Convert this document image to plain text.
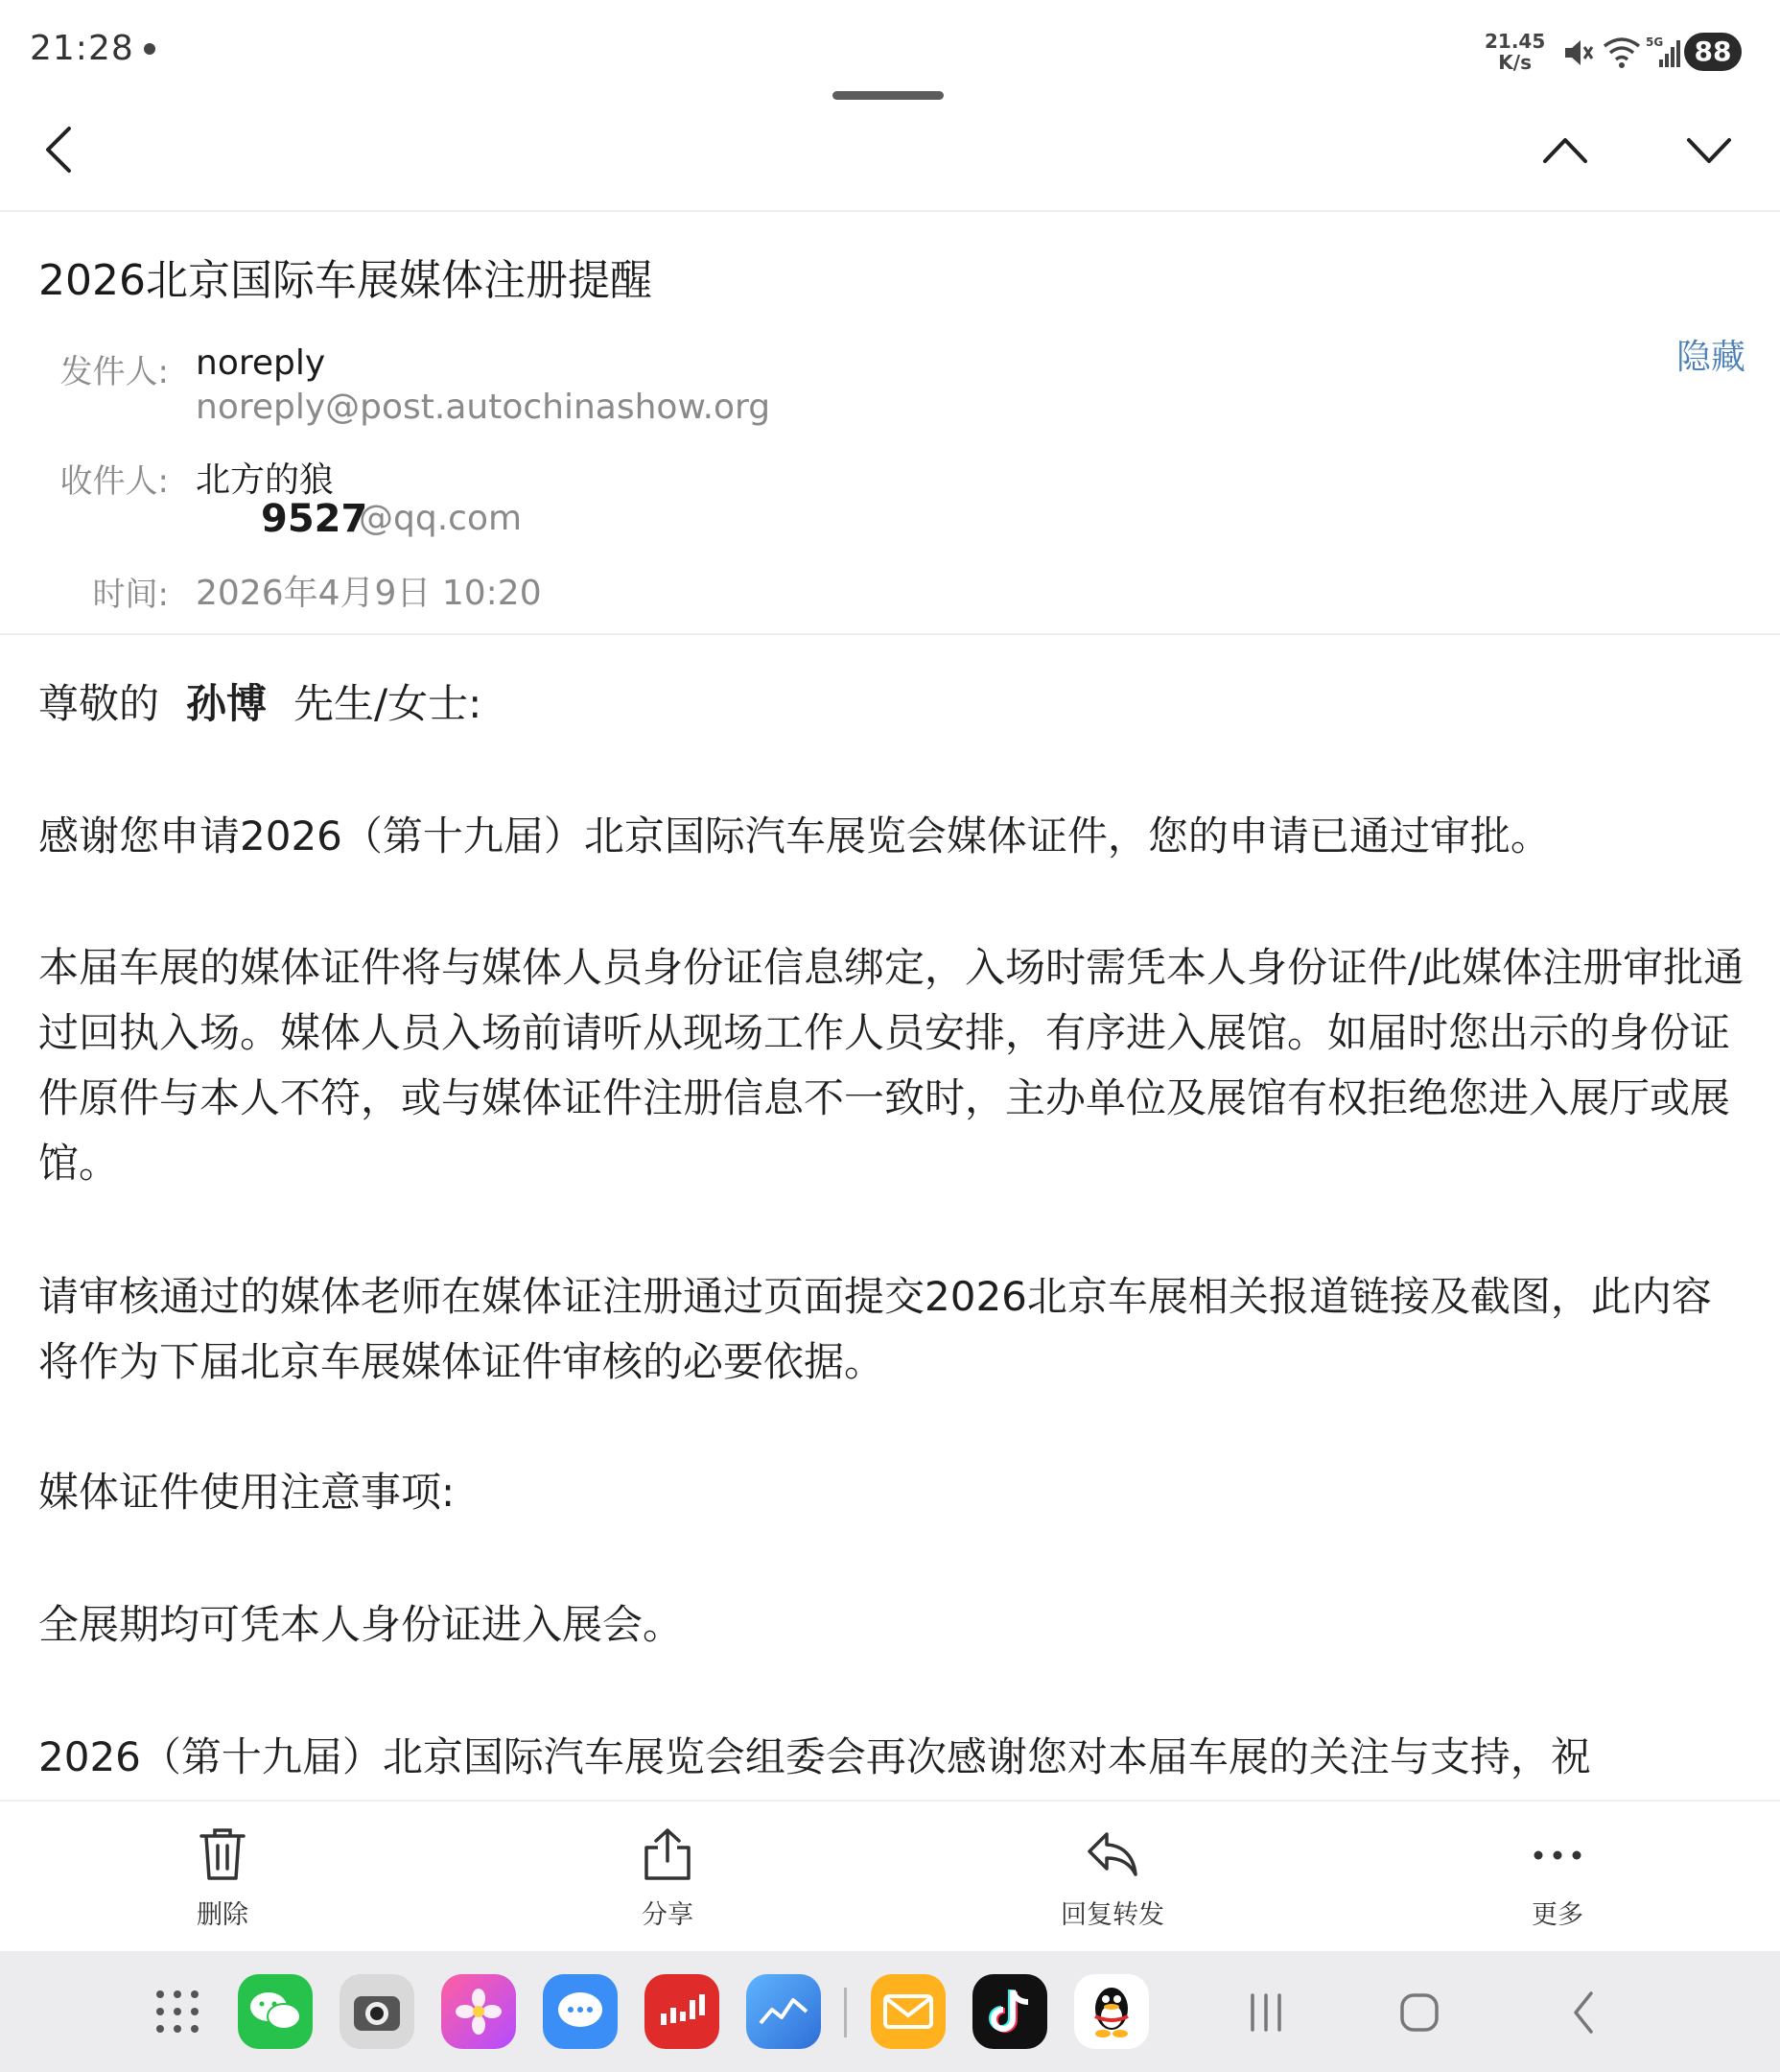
21:28	21.45
K/s
5G	88
2026北京国际车展媒体注册提醒
隐藏
发件人: noreply
noreply@post.autochinashow.org
收件人: 北方的狼
9527
@qq.com
时间: 2026年4月9日 10:20
尊敬的 孙博 先生/女士:
感谢您申请2026（第十九届）北京国际汽车展览会媒体证件，您的申请已通过审批。
本届车展的媒体证件将与媒体人员身份证信息绑定，入场时需凭本人身份证件/此媒体注册审批通过回执入场。媒体人员入场前请听从现场工作人员安排，有序进入展馆。如届时您出示的身份证件原件与本人不符，或与媒体证件注册信息不一致时，主办单位及展馆有权拒绝您进入展厅或展馆。
请审核通过的媒体老师在媒体证注册通过页面提交2026北京车展相关报道链接及截图，此内容将作为下届北京车展媒体证件审核的必要依据。
媒体证件使用注意事项:
全展期均可凭本人身份证进入展会。
2026（第十九届）北京国际汽车展览会组委会再次感谢您对本届车展的关注与支持，祝
删除	分享	回复转发	更多
